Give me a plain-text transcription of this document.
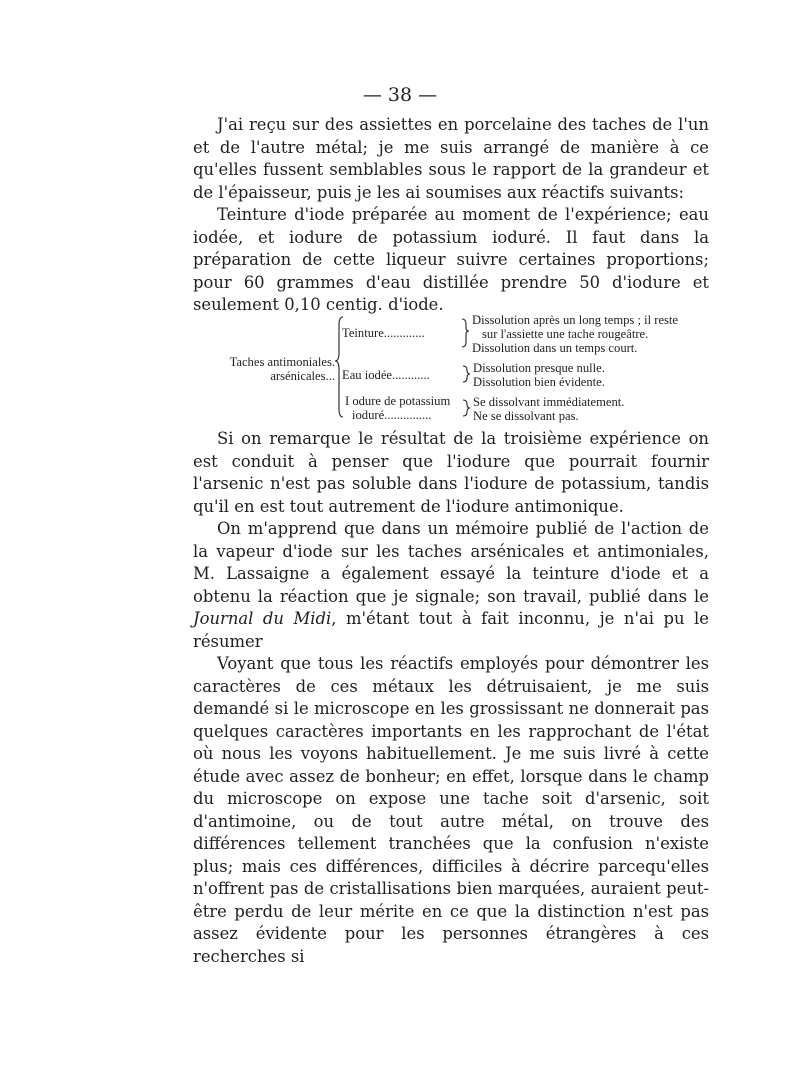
— 38 —

J'ai reçu sur des assiettes en porcelaine des taches de l'un et de l'autre métal; je me suis arrangé de manière à ce qu'elles fussent semblables sous le rapport de la grandeur et de l'épaisseur, puis je les ai soumises aux réactifs suivants:

Teinture d'iode préparée au moment de l'expérience; eau iodée, et iodure de potassium ioduré. Il faut dans la préparation de cette liqueur suivre certaines proportions; pour 60 grammes d'eau distillée prendre 50 d'iodure et seulement 0,10 centig. d'iode.

Taches antimoniales.
arsénicales...
Teinture.............
Eau iodée............
I odure de potassium
ioduré...............
Dissolution après un long temps ; il reste
sur l'assiette une tache rougeâtre.
Dissolution dans un temps court.
Dissolution presque nulle.
Dissolution bien évidente.
Se dissolvant immédiatement.
Ne se dissolvant pas.

Si on remarque le résultat de la troisième expérience on est conduit à penser que l'iodure que pourrait fournir l'arsenic n'est pas soluble dans l'iodure de potassium, tandis qu'il en est tout autrement de l'iodure antimonique.

On m'apprend que dans un mémoire publié de l'action de la vapeur d'iode sur les taches arsénicales et antimoniales, M. Lassaigne a également essayé la teinture d'iode et a obtenu la réaction que je signale; son travail, publié dans le Journal du Midi, m'étant tout à fait inconnu, je n'ai pu le résumer

Voyant que tous les réactifs employés pour démontrer les caractères de ces métaux les détruisaient, je me suis demandé si le microscope en les grossissant ne donnerait pas quelques caractères importants en les rapprochant de l'état où nous les voyons habituellement. Je me suis livré à cette étude avec assez de bonheur; en effet, lorsque dans le champ du microscope on expose une tache soit d'arsenic, soit d'antimoine, ou de tout autre métal, on trouve des différences tellement tranchées que la confusion n'existe plus; mais ces différences, difficiles à décrire parcequ'elles n'offrent pas de cristallisations bien marquées, auraient peut-être perdu de leur mérite en ce que la distinction n'est pas assez évidente pour les personnes étrangères à ces recherches si
